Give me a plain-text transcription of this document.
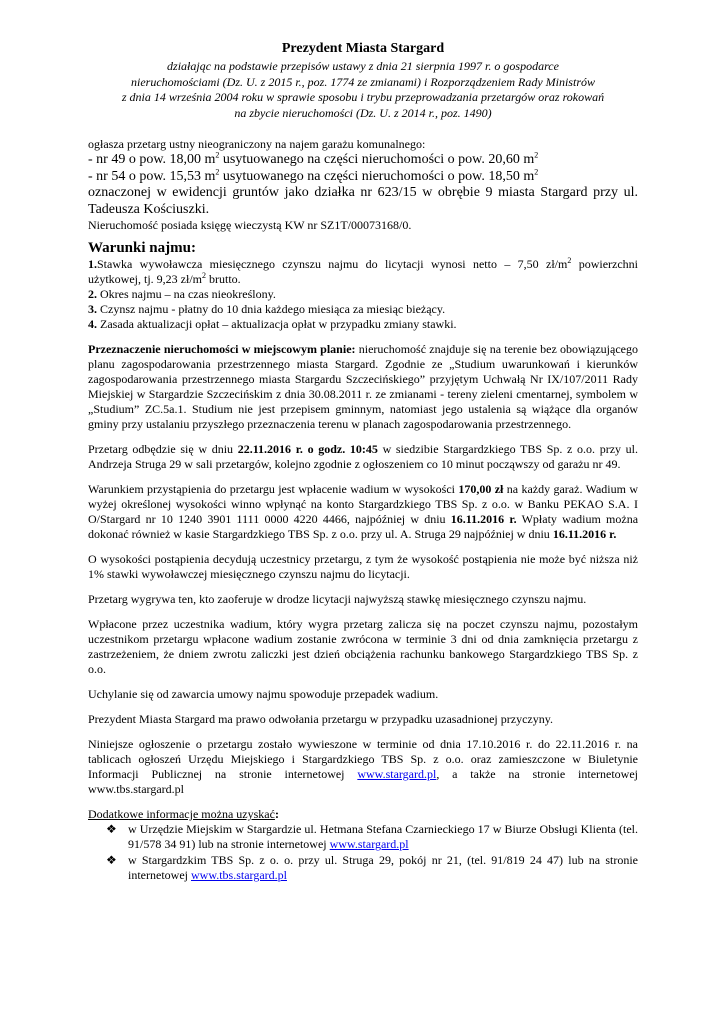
Prezydent Miasta Stargard
działając na podstawie przepisów ustawy z dnia 21 sierpnia 1997 r. o gospodarce
nieruchomościami (Dz. U. z 2015 r., poz. 1774 ze zmianami) i Rozporządzeniem Rady Ministrów
z dnia 14 września 2004 roku w sprawie sposobu i trybu przeprowadzania przetargów oraz rokowań
na zbycie nieruchomości (Dz. U. z 2014 r., poz. 1490)

ogłasza przetarg ustny nieograniczony na najem garażu komunalnego:

- nr 49 o pow. 18,00 $m^2$ usytuowanego na części nieruchomości o pow. 20,60 $m^2$

- nr 54 o pow. 15,53 $m^2$ usytuowanego na części nieruchomości o pow. 18,50 $m^2$

oznaczonej w ewidencji gruntów jako działka nr 623/15 w obrębie 9 miasta Stargard przy ul. Tadeusza Kościuszki.

Nieruchomość posiada księgę wieczystą KW nr SZ1T/00073168/0.

Warunki najmu:

1.Stawka wywoławcza miesięcznego czynszu najmu do licytacji wynosi netto – 7,50 $zł/m^2$ powierzchni użytkowej, tj. 9,23 $zł/m^2$ brutto.

2. Okres najmu – na czas nieokreślony.

3. Czynsz najmu - płatny do 10 dnia każdego miesiąca za miesiąc bieżący.

4. Zasada aktualizacji opłat – aktualizacja opłat w przypadku zmiany stawki.

Przeznaczenie nieruchomości w miejscowym planie: nieruchomość znajduje się na terenie bez obowiązującego planu zagospodarowania przestrzennego miasta Stargard. Zgodnie ze „Studium uwarunkowań i kierunków zagospodarowania przestrzennego miasta Stargardu Szczecińskiego” przyjętym Uchwałą Nr IX/107/2011 Rady Miejskiej w Stargardzie Szczecińskim z dnia 30.08.2011 r. ze zmianami - tereny zieleni cmentarnej, symbolem w „Studium” ZC.5a.1. Studium nie jest przepisem gminnym, natomiast jego ustalenia są wiążące dla organów gminy przy ustalaniu przyszłego przeznaczenia terenu w planach zagospodarowania przestrzennego.

Przetarg odbędzie się w dniu 22.11.2016 r. o godz. 10:45 w siedzibie Stargardzkiego TBS Sp. z o.o. przy ul. Andrzeja Struga 29 w sali przetargów, kolejno zgodnie z ogłoszeniem co 10 minut począwszy od garażu nr 49.

Warunkiem przystąpienia do przetargu jest wpłacenie wadium w wysokości 170,00 zł na każdy garaż. Wadium w wyżej określonej wysokości winno wpłynąć na konto Stargardzkiego TBS Sp. z o.o. w Banku PEKAO S.A. I O/Stargard nr 10 1240 3901 1111 0000 4220 4466, najpóźniej w dniu 16.11.2016 r. Wpłaty wadium można dokonać również w kasie Stargardzkiego TBS Sp. z o.o. przy ul. A. Struga 29 najpóźniej w dniu 16.11.2016 r.

O wysokości postąpienia decydują uczestnicy przetargu, z tym że wysokość postąpienia nie może być niższa niż 1% stawki wywoławczej miesięcznego czynszu najmu do licytacji.

Przetarg wygrywa ten, kto zaoferuje w drodze licytacji najwyższą stawkę miesięcznego czynszu najmu.

Wpłacone przez uczestnika wadium, który wygra przetarg zalicza się na poczet czynszu najmu, pozostałym uczestnikom przetargu wpłacone wadium zostanie zwrócona w terminie 3 dni od dnia zamknięcia przetargu z zastrzeżeniem, że dniem zwrotu zaliczki jest dzień obciążenia rachunku bankowego Stargardzkiego TBS Sp. z o.o.

Uchylanie się od zawarcia umowy najmu spowoduje przepadek wadium.

Prezydent Miasta Stargard ma prawo odwołania przetargu w przypadku uzasadnionej przyczyny.

Niniejsze ogłoszenie o przetargu zostało wywieszone w terminie od dnia 17.10.2016 r. do 22.11.2016 r. na tablicach ogłoszeń Urzędu Miejskiego i Stargardzkiego TBS Sp. z o.o. oraz zamieszczone w Biuletynie Informacji Publicznej na stronie internetowej www.stargard.pl, a także na stronie internetowej www.tbs.stargard.pl

Dodatkowe informacje można uzyskać:

❖ w Urzędzie Miejskim w Stargardzie ul. Hetmana Stefana Czarnieckiego 17 w Biurze Obsługi Klienta (tel. 91/578 34 91) lub na stronie internetowej www.stargard.pl
❖ w Stargardzkim TBS Sp. z o. o. przy ul. Struga 29, pokój nr 21, (tel. 91/819 24 47) lub na stronie internetowej www.tbs.stargard.pl
